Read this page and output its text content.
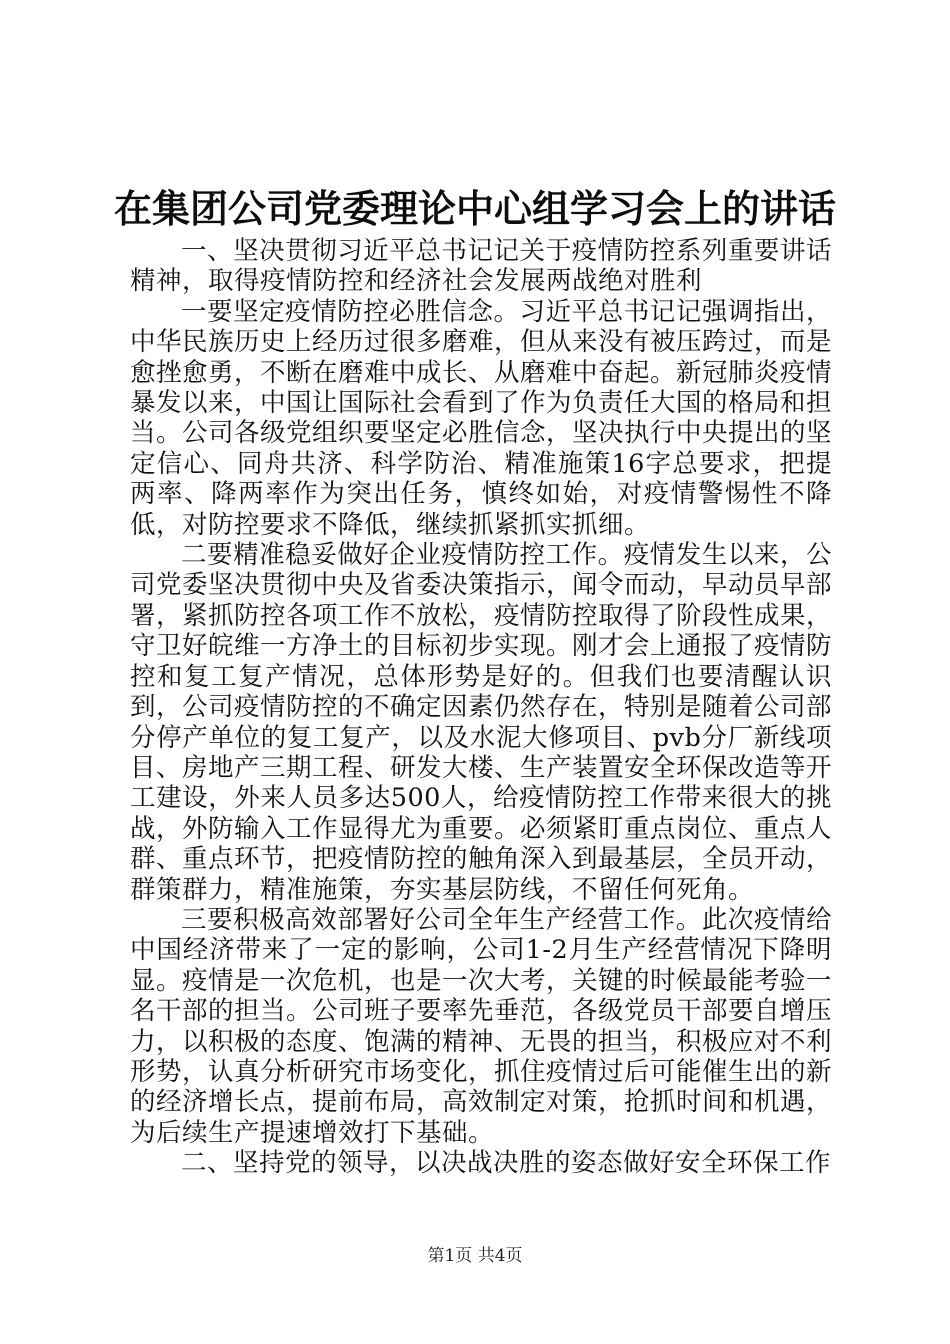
在集团公司党委理论中心组学习会上的讲话

一、坚决贯彻习近平总书记记关于疫情防控系列重要讲话精神，取得疫情防控和经济社会发展两战绝对胜利

一要坚定疫情防控必胜信念。习近平总书记记强调指出，中华民族历史上经历过很多磨难，但从来没有被压跨过，而是愈挫愈勇，不断在磨难中成长、从磨难中奋起。新冠肺炎疫情暴发以来，中国让国际社会看到了作为负责任大国的格局和担当。公司各级党组织要坚定必胜信念，坚决执行中央提出的坚定信心、同舟共济、科学防治、精准施策16字总要求，把提两率、降两率作为突出任务，慎终如始，对疫情警惕性不降低，对防控要求不降低，继续抓紧抓实抓细。

二要精准稳妥做好企业疫情防控工作。疫情发生以来，公司党委坚决贯彻中央及省委决策指示，闻令而动，早动员早部署，紧抓防控各项工作不放松，疫情防控取得了阶段性成果，守卫好皖维一方净土的目标初步实现。刚才会上通报了疫情防控和复工复产情况，总体形势是好的。但我们也要清醒认识到，公司疫情防控的不确定因素仍然存在，特别是随着公司部分停产单位的复工复产，以及水泥大修项目、pvb分厂新线项目、房地产三期工程、研发大楼、生产装置安全环保改造等开工建设，外来人员多达500人，给疫情防控工作带来很大的挑战，外防输入工作显得尤为重要。必须紧盯重点岗位、重点人群、重点环节，把疫情防控的触角深入到最基层，全员开动，群策群力，精准施策，夯实基层防线，不留任何死角。

三要积极高效部署好公司全年生产经营工作。此次疫情给中国经济带来了一定的影响，公司1-2月生产经营情况下降明显。疫情是一次危机，也是一次大考，关键的时候最能考验一名干部的担当。公司班子要率先垂范，各级党员干部要自增压力，以积极的态度、饱满的精神、无畏的担当，积极应对不利形势，认真分析研究市场变化，抓住疫情过后可能催生出的新的经济增长点，提前布局，高效制定对策，抢抓时间和机遇，为后续生产提速增效打下基础。

二、坚持党的领导，以决战决胜的姿态做好安全环保工作

第1页 共4页
